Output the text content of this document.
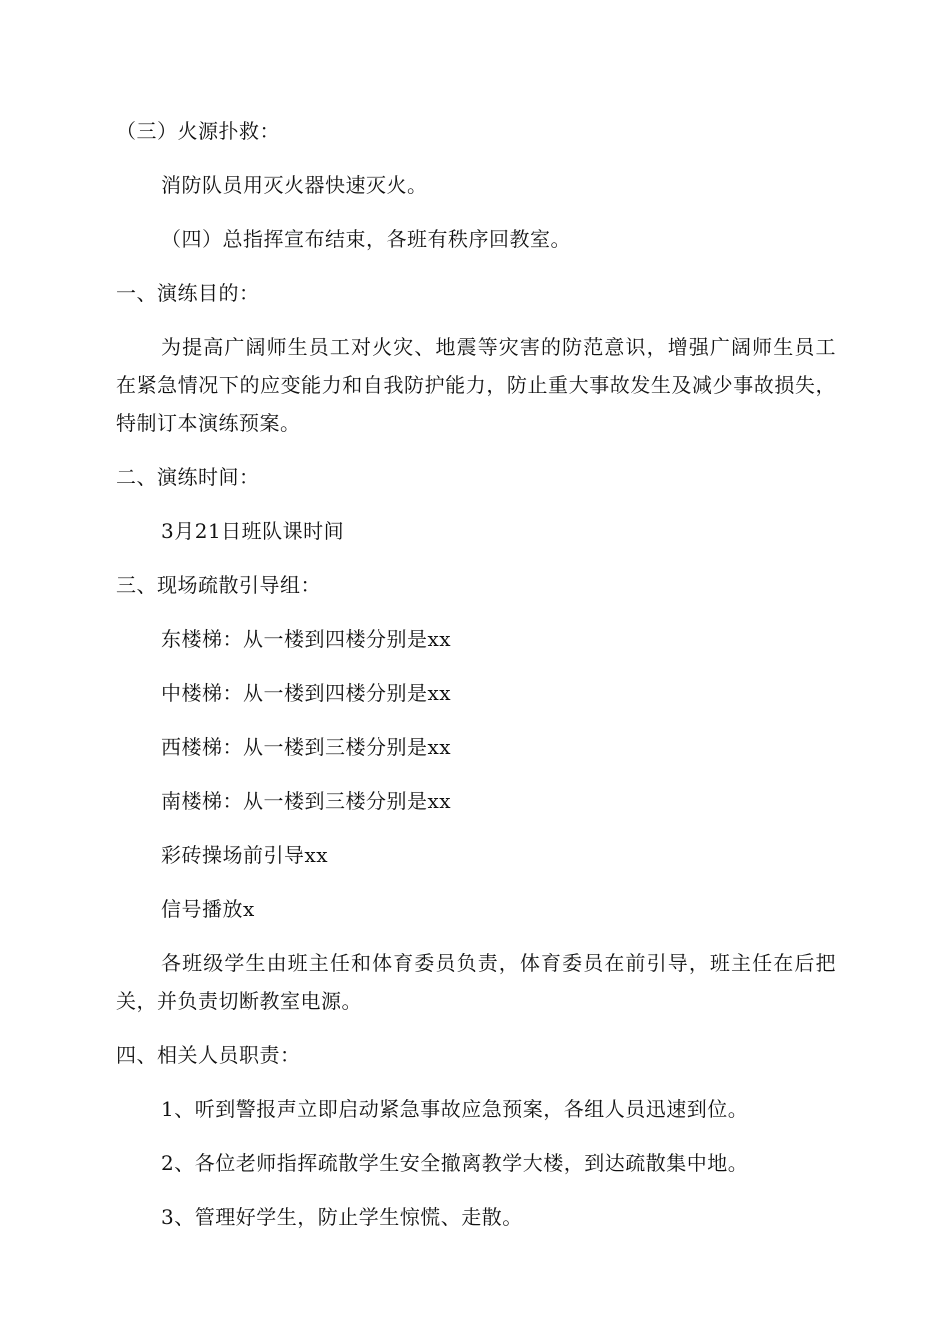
（三）火源扑救：
消防队员用灭火器快速灭火。
（四）总指挥宣布结束，各班有秩序回教室。
一、演练目的：
为提高广阔师生员工对火灾、地震等灾害的防范意识，增强广阔师生员工在紧急情况下的应变能力和自我防护能力，防止重大事故发生及减少事故损失，特制订本演练预案。
二、演练时间：
3月21日班队课时间
三、现场疏散引导组：
东楼梯：从一楼到四楼分别是xx
中楼梯：从一楼到四楼分别是xx
西楼梯：从一楼到三楼分别是xx
南楼梯：从一楼到三楼分别是xx
彩砖操场前引导xx
信号播放x
各班级学生由班主任和体育委员负责，体育委员在前引导，班主任在后把关，并负责切断教室电源。
四、相关人员职责：
1、听到警报声立即启动紧急事故应急预案，各组人员迅速到位。
2、各位老师指挥疏散学生安全撤离教学大楼，到达疏散集中地。
3、管理好学生，防止学生惊慌、走散。
